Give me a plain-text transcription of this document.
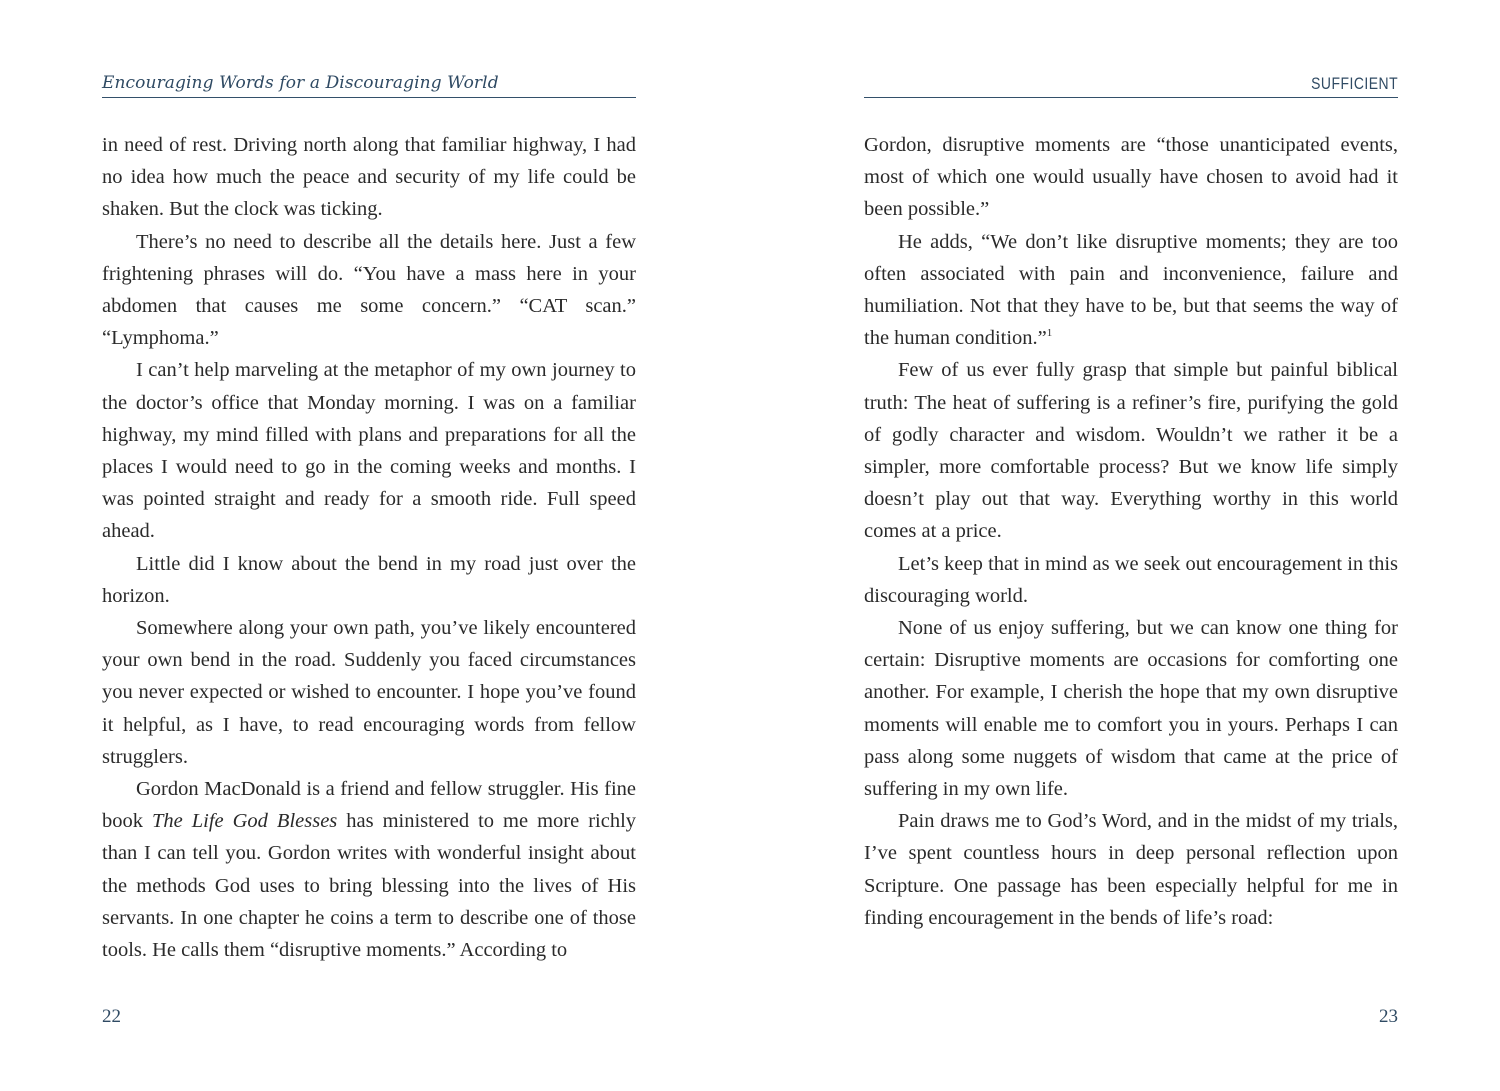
Encouraging Words for a Discouraging World

in need of rest. Driving north along that familiar highway, I had no idea how much the peace and security of my life could be shaken. But the clock was ticking.

There’s no need to describe all the details here. Just a few frightening phrases will do. “You have a mass here in your abdomen that causes me some concern.” “CAT scan.” “Lymphoma.”

I can’t help marveling at the metaphor of my own journey to the doctor’s office that Monday morning. I was on a familiar highway, my mind filled with plans and preparations for all the places I would need to go in the coming weeks and months. I was pointed straight and ready for a smooth ride. Full speed ahead.

Little did I know about the bend in my road just over the horizon.

Somewhere along your own path, you’ve likely encountered your own bend in the road. Suddenly you faced circumstances you never expected or wished to encounter. I hope you’ve found it helpful, as I have, to read encouraging words from fellow strugglers.

Gordon MacDonald is a friend and fellow struggler. His fine book The Life God Blesses has ministered to me more richly than I can tell you. Gordon writes with wonderful insight about the methods God uses to bring blessing into the lives of His servants. In one chapter he coins a term to describe one of those tools. He calls them “disruptive moments.” According to

22
SUFFICIENT

Gordon, disruptive moments are “those unanticipated events, most of which one would usually have chosen to avoid had it been possible.”

He adds, “We don’t like disruptive moments; they are too often associated with pain and inconvenience, failure and humiliation. Not that they have to be, but that seems the way of the human condition.”$^1$

Few of us ever fully grasp that simple but painful biblical truth: The heat of suffering is a refiner’s fire, purifying the gold of godly character and wisdom. Wouldn’t we rather it be a simpler, more comfortable process? But we know life simply doesn’t play out that way. Everything worthy in this world comes at a price.

Let’s keep that in mind as we seek out encouragement in this discouraging world.

None of us enjoy suffering, but we can know one thing for certain: Disruptive moments are occasions for comforting one another. For example, I cherish the hope that my own disruptive moments will enable me to comfort you in yours. Perhaps I can pass along some nuggets of wisdom that came at the price of suffering in my own life.

Pain draws me to God’s Word, and in the midst of my trials, I’ve spent countless hours in deep personal reflection upon Scripture. One passage has been especially helpful for me in finding encouragement in the bends of life’s road:

23
